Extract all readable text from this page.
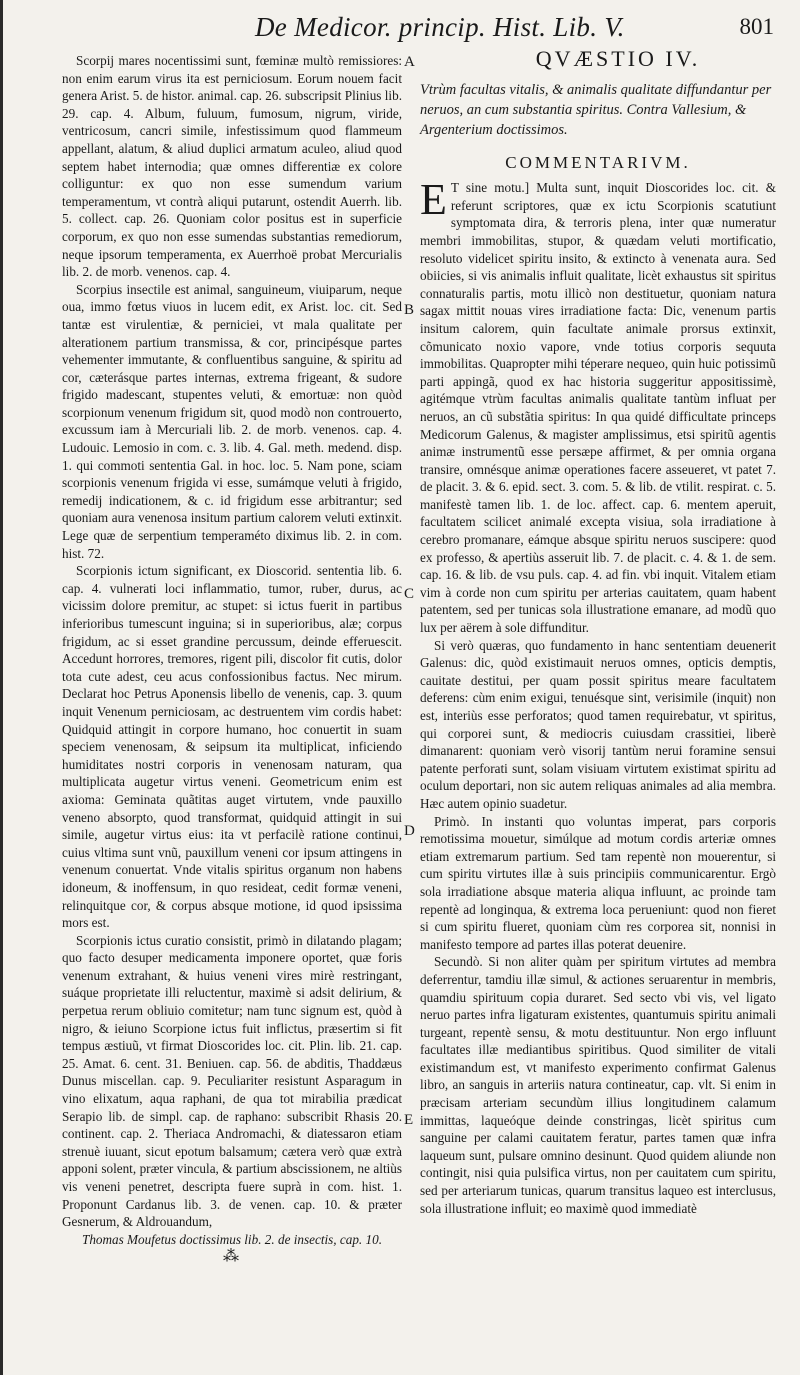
De Medicor. princip. Hist. Lib. V.	801
A
B
C
D
E

Scorpij mares nocentissimi sunt, fœminæ multò remissiores: non enim earum virus ita est perniciosum. Eorum nouem facit genera Arist. 5. de histor. animal. cap. 26. subscripsit Plinius lib. 29. cap. 4. Album, fuluum, fumosum, nigrum, viride, ventricosum, cancri simile, infestissimum quod flammeum appellant, alatum, & aliud duplici armatum aculeo, aliud quod septem habet internodia; quæ omnes differentiæ ex colore colliguntur: ex quo non esse sumendum varium temperamentum, vt contrà aliqui putarunt, ostendit Auerrh. lib. 5. collect. cap. 26. Quoniam color positus est in superficie corporum, ex quo non esse sumendas substantias remediorum, neque ipsorum temperamenta, ex Auerrhoë probat Mercurialis lib. 2. de morb. venenos. cap. 4.

Scorpius insectile est animal, sanguineum, viuiparum, neque oua, immo fœtus viuos in lucem edit, ex Arist. loc. cit. Sed tantæ est virulentiæ, & perniciei, vt mala qualitate per alterationem partium transmissa, & cor, principésque partes vehementer immutante, & confluentibus sanguine, & spiritu ad cor, cæterásque partes internas, extrema frigeant, & sudore frigido madescant, stupentes veluti, & emortuæ: non quòd scorpionum venenum frigidum sit, quod modò non controuerto, excussum iam à Mercuriali lib. 2. de morb. venenos. cap. 4. Ludouic. Lemosio in com. c. 3. lib. 4. Gal. meth. medend. disp. 1. qui commoti sententia Gal. in hoc. loc. 5. Nam pone, sciam scorpionis venenum frigida vi esse, sumámque veluti à frigido, remedij indicationem, & c. id frigidum esse arbitrantur; sed quoniam aura venenosa insitum partium calorem veluti extinxit. Lege quæ de serpentium temperaméto diximus lib. 2. in com. hist. 72.

Scorpionis ictum significant, ex Dioscorid. sententia lib. 6. cap. 4. vulnerati loci inflammatio, tumor, ruber, durus, ac vicissim dolore premitur, ac stupet: si ictus fuerit in partibus inferioribus tumescunt inguina; si in superioribus, alæ; corpus frigidum, ac si esset grandine percussum, deinde efferuescit. Accedunt horrores, tremores, rigent pili, discolor fit cutis, dolor tota cute adest, ceu acus confossionibus factus. Nec mirum. Declarat hoc Petrus Aponensis libello de venenis, cap. 3. quum inquit Venenum perniciosam, ac destruentem vim cordis habet: Quidquid attingit in corpore humano, hoc conuertit in suam speciem venenosam, & seipsum ita multiplicat, inficiendo humiditates nostri corporis in venenosam naturam, qua multiplicata augetur virtus veneni. Geometricum enim est axioma: Geminata quãtitas auget virtutem, vnde pauxillo veneno absorpto, quod transformat, quidquid attingit in sui simile, augetur virtus eius: ita vt perfacilè ratione continui, cuius vltima sunt vnũ, pauxillum veneni cor ipsum attingens in venenum conuertat. Vnde vitalis spiritus organum non habens idoneum, & inoffensum, in quo resideat, cedit formæ veneni, relinquitque cor, & corpus absque motione, id quod ipsissima mors est.

Scorpionis ictus curatio consistit, primò in dilatando plagam; quo facto desuper medicamenta imponere oportet, quæ foris venenum extrahant, & huius veneni vires mirè restringant, suáque proprietate illi reluctentur, maximè si adsit delirium, & perpetua rerum obliuio comitetur; nam tunc signum est, quòd à nigro, & ieiuno Scorpione ictus fuit inflictus, præsertim si fit tempus æstiuũ, vt firmat Dioscorides loc. cit. Plin. lib. 21. cap. 25. Amat. 6. cent. 31. Beniuen. cap. 56. de abditis, Thaddæus Dunus miscellan. cap. 9. Peculiariter resistunt Asparagum in vino elixatum, aqua raphani, de qua tot mirabilia prædicat Serapio lib. de simpl. cap. de raphano: subscribit Rhasis 20. continent. cap. 2. Theriaca Andromachi, & diatessaron etiam strenuè iuuant, sicut epotum balsamum; cætera verò quæ extrà apponi solent, præter vincula, & partium abscissionem, ne altiùs vis veneni penetret, descripta fuere suprà in com. hist. 1. Proponunt Cardanus lib. 3. de venen. cap. 10. & præter Gesnerum, & Aldrouandum,

Thomas Moufetus doctissimus lib. 2. de insectis, cap. 10.

⁂

QVÆSTIO IV.
Vtrùm facultas vitalis, & animalis qualitate diffundantur per neruos, an cum substantia spiritus. Contra Vallesium, & Argenterium doctissimos.
COMMENTARIVM.
E T sine motu.] Multa sunt, inquit Dioscorides loc. cit. & referunt scriptores, quæ ex ictu Scorpionis scatutiunt symptomata dira, & terroris plena, inter quæ numeratur membri immobilitas, stupor, & quædam veluti mortificatio, resoluto videlicet spiritu insito, & extincto à venenata aura. Sed obiicies, si vis animalis influit qualitate, licèt exhaustus sit spiritus connaturalis partis, motu illicò non destituetur, quoniam natura sagax mittit nouas vires irradiatione facta: Dic, venenum partis insitum calorem, quin facultate animale prorsus extinxit, cõmunicato noxio vapore, vnde totius corporis sequuta immobilitas. Quapropter mihi téperare nequeo, quin huic potissimũ parti appingã, quod ex hac historia suggeritur appositissimè, agitémque vtrùm facultas animalis qualitate tantùm influat per neruos, an cũ substãtia spiritus: In qua quidé difficultate princeps Medicorum Galenus, & magister amplissimus, etsi spiritũ agentis animæ instrumentũ esse persæpe affirmet, & per omnia organa transire, omnésque animæ operationes facere asseueret, vt patet 7. de placit. 3. & 6. epid. sect. 3. com. 5. & lib. de vtilit. respirat. c. 5. manifestè tamen lib. 1. de loc. affect. cap. 6. mentem aperuit, facultatem scilicet animalé excepta visiua, sola irradiatione à cerebro promanare, eámque absque spiritu neruos suscipere: quod ex professo, & apertiùs asseruit lib. 7. de placit. c. 4. & 1. de sem. cap. 16. & lib. de vsu puls. cap. 4. ad fin. vbi inquit. Vitalem etiam vim à corde non cum spiritu per arterias cauitatem, quam habent patentem, sed per tunicas sola illustratione emanare, ad modũ quo lux per aërem à sole diffunditur.

Si verò quæras, quo fundamento in hanc sententiam deuenerit Galenus: dic, quòd existimauit neruos omnes, opticis demptis, cauitate destitui, per quam possit spiritus meare facultatem deferens: cùm enim exigui, tenuésque sint, verisimile (inquit) non est, interiùs esse perforatos; quod tamen requirebatur, vt spiritus, qui corporei sunt, & mediocris cuiusdam crassitiei, liberè dimanarent: quoniam verò visorij tantùm nerui foramine sensui patente perforati sunt, solam visiuam virtutem existimat spiritu ad oculum deportari, non sic autem reliquas animales ad alia membra. Hæc autem opinio suadetur.

Primò. In instanti quo voluntas imperat, pars corporis remotissima mouetur, simúlque ad motum cordis arteriæ omnes etiam extremarum partium. Sed tam repentè non mouerentur, si cum spiritu virtutes illæ à suis principiis communicarentur. Ergò sola irradiatione absque materia aliqua influunt, ac proinde tam repentè ad longinqua, & extrema loca perueniunt: quod non fieret si cum spiritu flueret, quoniam cùm res corporea sit, nonnisi in manifesto tempore ad partes illas poterat deuenire.

Secundò. Si non aliter quàm per spiritum virtutes ad membra deferrentur, tamdiu illæ simul, & actiones seruarentur in membris, quamdiu spirituum copia duraret. Sed secto vbi vis, vel ligato neruo partes infra ligaturam existentes, quantumuis spiritu animali turgeant, repentè sensu, & motu destituuntur. Non ergo influunt facultates illæ mediantibus spiritibus. Quod similiter de vitali existimandum est, vt manifesto experimento confirmat Galenus libro, an sanguis in arteriis natura contineatur, cap. vlt. Si enim in præcisam arteriam secundùm illius longitudinem calamum immittas, laqueóque deinde constringas, licèt spiritus cum sanguine per calami cauitatem feratur, partes tamen quæ infra laqueum sunt, pulsare omnino desinunt. Quod quidem aliunde non contingit, nisi quia pulsifica virtus, non per cauitatem cum spiritu, sed per arteriarum tunicas, quarum transitus laqueo est interclusus, sola illustratione influit; eo maximè quod immediatè
